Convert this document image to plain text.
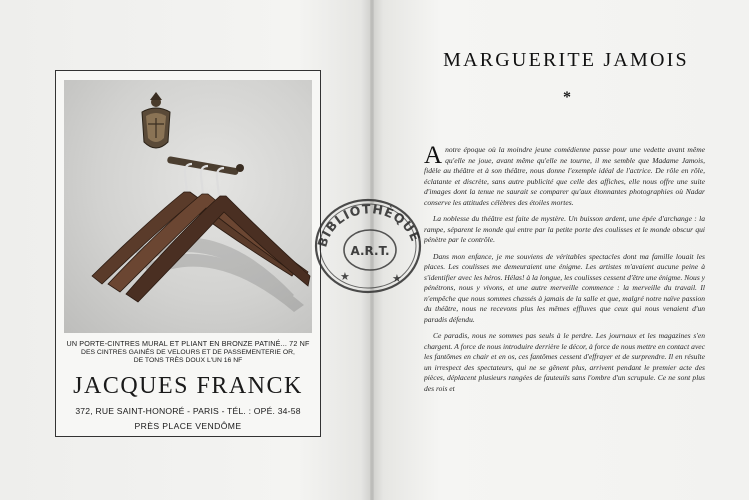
UN PORTE-CINTRES MURAL ET PLIANT EN BRONZE PATINÉ... 72 NF
DES CINTRES GAINÉS DE VELOURS ET DE PASSEMENTERIE OR,
DE TONS TRÈS DOUX L'UN 16 NF
JACQUES FRANCK
372, RUE SAINT-HONORÉ - PARIS - TÉL. : OPÉ. 34-58
PRÈS PLACE VENDÔME
MARGUERITE JAMOIS
*

Anotre époque où la moindre jeune comédienne passe pour une vedette avant même qu'elle ne joue, avant même qu'elle ne tourne, il me semble que Madame Jamois, fidèle au théâtre et à son théâtre, nous donne l'exemple idéal de l'actrice. De rôle en rôle, éclatante et discrète, sans autre publicité que celle des affiches, elle nous offre une suite d'images dont la tenue ne saurait se comparer qu'aux étonnantes photographies où Nadar conserve les attitudes célèbres des étoiles mortes.

La noblesse du théâtre est faite de mystère. Un buisson ardent, une épée d'archange : la rampe, séparent le monde qui entre par la petite porte des coulisses et le monde obscur qui pénètre par le contrôle.

Dans mon enfance, je me souviens de véritables spectacles dont ma famille louait les places. Les coulisses me demeuraient une énigme. Les artistes m'avaient aucune peine à s'identifier avec les héros. Hélas! à la longue, les coulisses cessent d'être une énigme. Nous y pénétrons, nous y vivons, et une autre merveille commence : la merveille du travail. Il n'empêche que nous sommes chassés à jamais de la salle et que, malgré notre naïve passion du théâtre, nous ne recevons plus les mêmes effluves que ceux qui nous venaient d'un paradis défendu.

Ce paradis, nous ne sommes pas seuls à le perdre. Les journaux et les magazines s'en chargent. A force de nous introduire derrière le décor, à force de nous mettre en contact avec les fantômes en chair et en os, ces fantômes cessent d'effrayer et de surprendre. Il en résulte un irrespect des spectateurs, qui ne se gênent plus, arrivent pendant le premier acte des pièces, déplacent plusieurs rangées de fauteuils sans l'ombre d'un scrupule. Ce ne sont plus des rois et

BIBLIOTHÈQUE
A.R.T.
★	★
